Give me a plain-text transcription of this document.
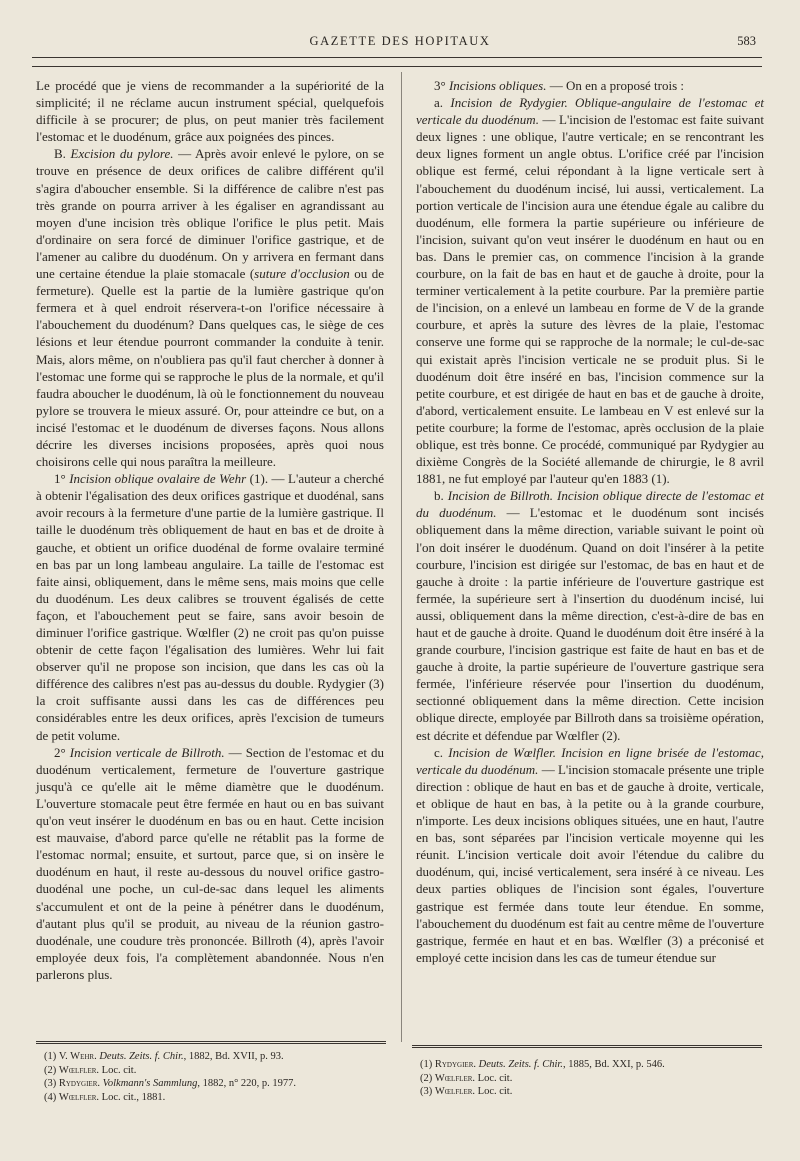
GAZETTE DES HOPITAUX	583

Le procédé que je viens de recommander a la supériorité de la simplicité; il ne réclame aucun instrument spécial, quelquefois difficile à se procurer; de plus, on peut manier très facilement l'estomac et le duodénum, grâce aux poignées des pinces.

B. Excision du pylore. — Après avoir enlevé le pylore, on se trouve en présence de deux orifices de calibre différent qu'il s'agira d'aboucher ensemble. Si la différence de calibre n'est pas très grande on pourra arriver à les égaliser en agrandissant au moyen d'une incision très oblique l'orifice le plus petit. Mais d'ordinaire on sera forcé de diminuer l'orifice gastrique, et de l'amener au calibre du duodénum. On y arrivera en fermant dans une certaine étendue la plaie stomacale (suture d'occlusion ou de fermeture). Quelle est la partie de la lumière gastrique qu'on fermera et à quel endroit réservera-t-on l'orifice nécessaire à l'abouchement du duodénum? Dans quelques cas, le siège de ces lésions et leur étendue pourront commander la conduite à tenir. Mais, alors même, on n'oubliera pas qu'il faut chercher à donner à l'estomac une forme qui se rapproche le plus de la normale, et qu'il faudra aboucher le duodénum, là où le fonctionnement du nouveau pylore se trouvera le mieux assuré. Or, pour atteindre ce but, on a incisé l'estomac et le duodénum de diverses façons. Nous allons décrire les diverses incisions proposées, après quoi nous choisirons celle qui nous paraîtra la meilleure.

1° Incision oblique ovalaire de Wehr (1). — L'auteur a cherché à obtenir l'égalisation des deux orifices gastrique et duodénal, sans avoir recours à la fermeture d'une partie de la lumière gastrique. Il taille le duodénum très obliquement de haut en bas et de droite à gauche, et obtient un orifice duodénal de forme ovalaire terminé en bas par un long lambeau angulaire. La taille de l'estomac est faite ainsi, obliquement, dans le même sens, mais moins que celle du duodénum. Les deux calibres se trouvent égalisés de cette façon, et l'abouchement peut se faire, sans avoir besoin de diminuer l'orifice gastrique. Wœlfler (2) ne croit pas qu'on puisse obtenir de cette façon l'égalisation des lumières. Wehr lui fait observer qu'il ne propose son incision, que dans les cas où la différence des calibres n'est pas au-dessus du double. Rydygier (3) la croit suffisante aussi dans les cas de différences peu considérables entre les deux orifices, après l'excision de tumeurs de petit volume.

2° Incision verticale de Billroth. — Section de l'estomac et du duodénum verticalement, fermeture de l'ouverture gastrique jusqu'à ce qu'elle ait le même diamètre que le duodénum. L'ouverture stomacale peut être fermée en haut ou en bas suivant qu'on veut insérer le duodénum en bas ou en haut. Cette incision est mauvaise, d'abord parce qu'elle ne rétablit pas la forme de l'estomac normal; ensuite, et surtout, parce que, si on insère le duodénum en haut, il reste au-dessous du nouvel orifice gastro-duodénal une poche, un cul-de-sac dans lequel les aliments s'accumulent et ont de la peine à pénétrer dans le duodénum, d'autant plus qu'il se produit, au niveau de la réunion gastro-duodénale, une coudure très prononcée. Billroth (4), après l'avoir employée deux fois, l'a complètement abandonnée. Nous n'en parlerons plus.

3° Incisions obliques. — On en a proposé trois :

a. Incision de Rydygier. Oblique-angulaire de l'estomac et verticale du duodénum. — L'incision de l'estomac est faite suivant deux lignes : une oblique, l'autre verticale; en se rencontrant les deux lignes forment un angle obtus. L'orifice créé par l'incision oblique est fermé, celui répondant à la ligne verticale sert à l'abouchement du duodénum incisé, lui aussi, verticalement. La portion verticale de l'incision aura une étendue égale au calibre du duodénum, elle formera la partie supérieure ou inférieure de l'incision, suivant qu'on veut insérer le duodénum en haut ou en bas. Dans le premier cas, on commence l'incision à la grande courbure, on la fait de bas en haut et de gauche à droite, pour la terminer verticalement à la petite courbure. Par la première partie de l'incision, on a enlevé un lambeau en forme de V de la grande courbure, et après la suture des lèvres de la plaie, l'estomac conserve une forme qui se rapproche de la normale; le cul-de-sac qui existait après l'incision verticale ne se produit plus. Si le duodénum doit être inséré en bas, l'incision commence sur la petite courbure, et est dirigée de haut en bas et de gauche à droite, d'abord, verticalement ensuite. Le lambeau en V est enlevé sur la petite courbure; la forme de l'estomac, après occlusion de la plaie oblique, est très bonne. Ce procédé, communiqué par Rydygier au dixième Congrès de la Société allemande de chirurgie, le 8 avril 1881, ne fut employé par l'auteur qu'en 1883 (1).

b. Incision de Billroth. Incision oblique directe de l'estomac et du duodénum. — L'estomac et le duodénum sont incisés obliquement dans la même direction, variable suivant le point où l'on doit insérer le duodénum. Quand on doit l'insérer à la petite courbure, l'incision est dirigée sur l'estomac, de bas en haut et de gauche à droite : la partie inférieure de l'ouverture gastrique est fermée, la supérieure sert à l'insertion du duodénum incisé, lui aussi, obliquement dans la même direction, c'est-à-dire de bas en haut et de gauche à droite. Quand le duodénum doit être inséré à la grande courbure, l'incision gastrique est faite de haut en bas et de gauche à droite, la partie supérieure de l'ouverture gastrique sera fermée, l'inférieure réservée pour l'insertion du duodénum, sectionné obliquement dans la même direction. Cette incision oblique directe, employée par Billroth dans sa troisième opération, est décrite et défendue par Wœlfler (2).

c. Incision de Wœlfler. Incision en ligne brisée de l'estomac, verticale du duodénum. — L'incision stomacale présente une triple direction : oblique de haut en bas et de gauche à droite, verticale, et oblique de haut en bas, à la petite ou à la grande courbure, n'importe. Les deux incisions obliques situées, une en haut, l'autre en bas, sont séparées par l'incision verticale moyenne qui les réunit. L'incision verticale doit avoir l'étendue du calibre du duodénum, qui, incisé verticalement, sera inséré à ce niveau. Les deux parties obliques de l'incision sont égales, l'ouverture gastrique est fermée dans toute leur étendue. En somme, l'abouchement du duodénum est fait au centre même de l'ouverture gastrique, fermée en haut et en bas. Wœlfler (3) a préconisé et employé cette incision dans les cas de tumeur étendue sur

(1) V. Wehr. Deuts. Zeits. f. Chir., 1882, Bd. XVII, p. 93.
(2) Wœlfler. Loc. cit.
(3) Rydygier. Volkmann's Sammlung, 1882, n° 220, p. 1977.
(4) Wœlfler. Loc. cit., 1881.
(1) Rydygier. Deuts. Zeits. f. Chir., 1885, Bd. XXI, p. 546.
(2) Wœlfler. Loc. cit.
(3) Wœlfler. Loc. cit.
